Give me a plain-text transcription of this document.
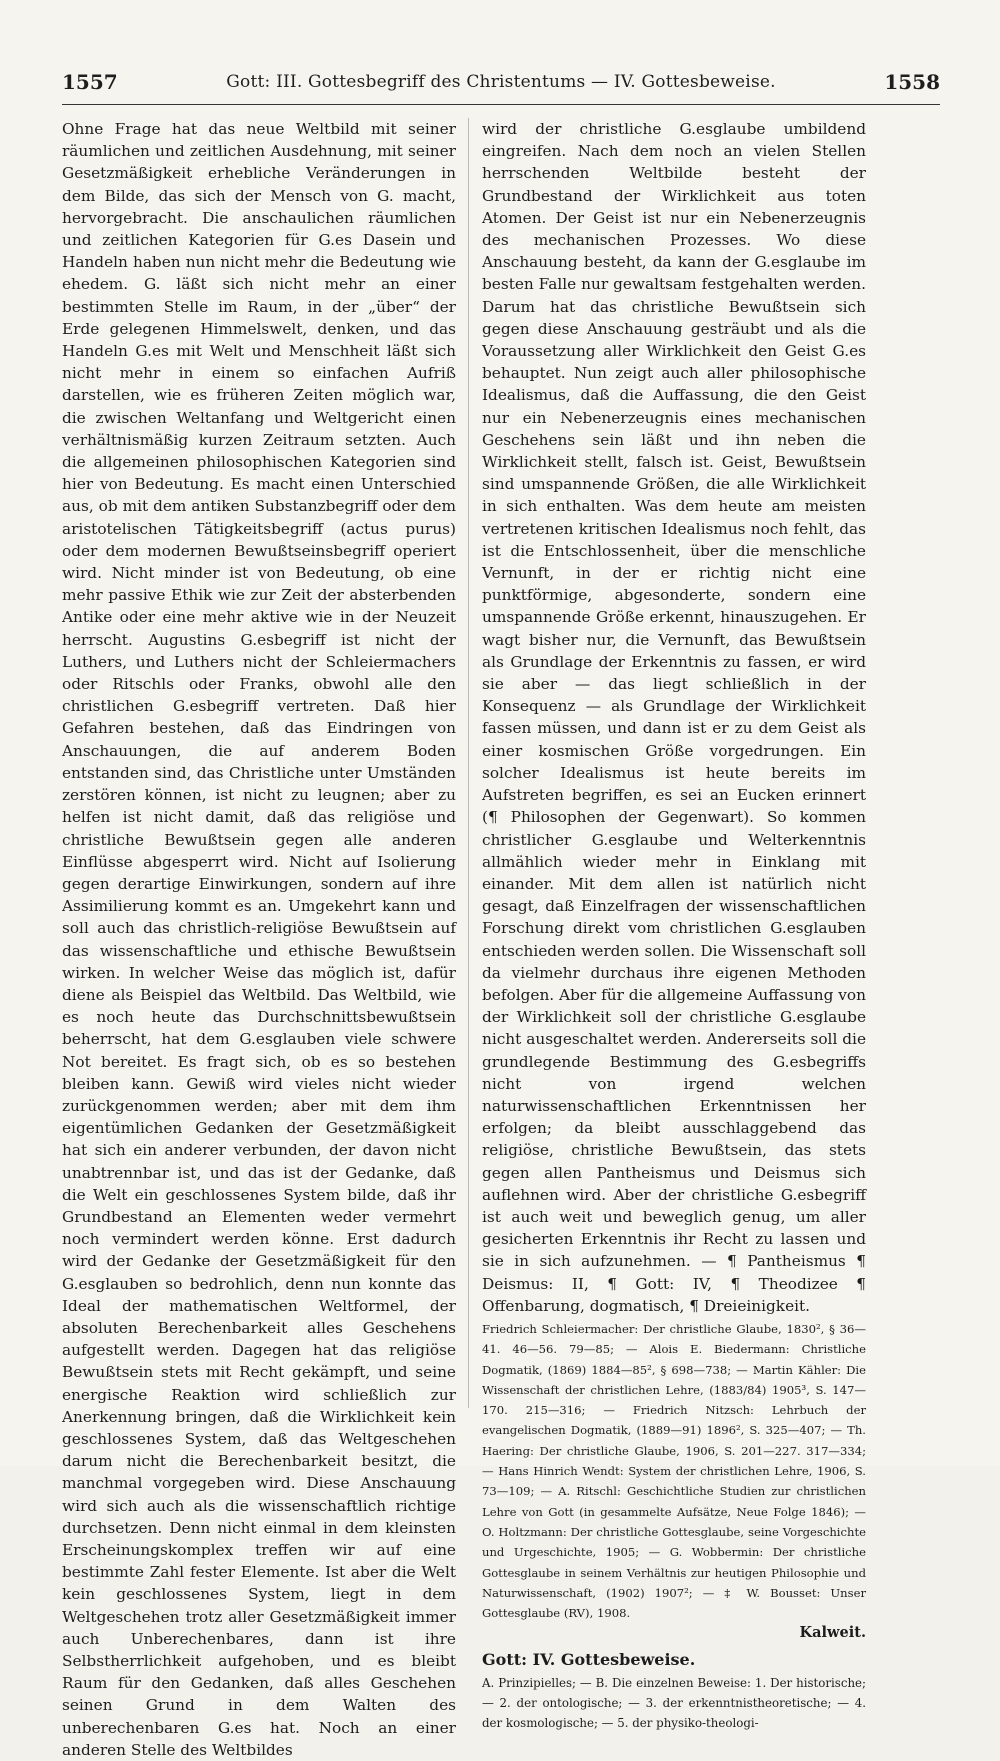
1557	Gott: III. Gottesbegriff des Christentums — IV. Gottesbeweise.	1558

Ohne Frage hat das neue Weltbild mit seiner räumlichen und zeitlichen Ausdehnung, mit seiner Gesetzmäßigkeit erhebliche Veränderungen in dem Bilde, das sich der Mensch von G. macht, hervorgebracht. Die anschaulichen räumlichen und zeitlichen Kategorien für G.es Dasein und Handeln haben nun nicht mehr die Bedeutung wie ehedem. G. läßt sich nicht mehr an einer bestimmten Stelle im Raum, in der „über“ der Erde gelegenen Himmelswelt, denken, und das Handeln G.es mit Welt und Menschheit läßt sich nicht mehr in einem so einfachen Aufriß darstellen, wie es früheren Zeiten möglich war, die zwischen Weltanfang und Weltgericht einen verhältnismäßig kurzen Zeitraum setzten. Auch die allgemeinen philosophischen Kategorien sind hier von Bedeutung. Es macht einen Unterschied aus, ob mit dem antiken Substanzbegriff oder dem aristotelischen Tätigkeitsbegriff (actus purus) oder dem modernen Bewußtseinsbegriff operiert wird. Nicht minder ist von Bedeutung, ob eine mehr passive Ethik wie zur Zeit der absterbenden Antike oder eine mehr aktive wie in der Neuzeit herrscht. Augustins G.esbegriff ist nicht der Luthers, und Luthers nicht der Schleiermachers oder Ritschls oder Franks, obwohl alle den christlichen G.esbegriff vertreten. Daß hier Gefahren bestehen, daß das Eindringen von Anschauungen, die auf anderem Boden entstanden sind, das Christliche unter Umständen zerstören können, ist nicht zu leugnen; aber zu helfen ist nicht damit, daß das religiöse und christliche Bewußtsein gegen alle anderen Einflüsse abgesperrt wird. Nicht auf Isolierung gegen derartige Einwirkungen, sondern auf ihre Assimilierung kommt es an. Umgekehrt kann und soll auch das christlich-religiöse Bewußtsein auf das wissenschaftliche und ethische Bewußtsein wirken. In welcher Weise das möglich ist, dafür diene als Beispiel das Weltbild. Das Weltbild, wie es noch heute das Durchschnittsbewußtsein beherrscht, hat dem G.esglauben viele schwere Not bereitet. Es fragt sich, ob es so bestehen bleiben kann. Gewiß wird vieles nicht wieder zurückgenommen werden; aber mit dem ihm eigentümlichen Gedanken der Gesetzmäßigkeit hat sich ein anderer verbunden, der davon nicht unabtrennbar ist, und das ist der Gedanke, daß die Welt ein geschlossenes System bilde, daß ihr Grundbestand an Elementen weder vermehrt noch vermindert werden könne. Erst dadurch wird der Gedanke der Gesetzmäßigkeit für den G.esglauben so bedrohlich, denn nun konnte das Ideal der mathematischen Weltformel, der absoluten Berechenbarkeit alles Geschehens aufgestellt werden. Dagegen hat das religiöse Bewußtsein stets mit Recht gekämpft, und seine energische Reaktion wird schließlich zur Anerkennung bringen, daß die Wirklichkeit kein geschlossenes System, daß das Weltgeschehen darum nicht die Berechenbarkeit besitzt, die manchmal vorgegeben wird. Diese Anschauung wird sich auch als die wissenschaftlich richtige durchsetzen. Denn nicht einmal in dem kleinsten Erscheinungskomplex treffen wir auf eine bestimmte Zahl fester Elemente. Ist aber die Welt kein geschlossenes System, liegt in dem Weltgeschehen trotz aller Gesetzmäßigkeit immer auch Unberechenbares, dann ist ihre Selbstherrlichkeit aufgehoben, und es bleibt Raum für den Gedanken, daß alles Geschehen seinen Grund in dem Walten des unberechenbaren G.es hat. Noch an einer anderen Stelle des Weltbildes

wird der christliche G.esglaube umbildend eingreifen. Nach dem noch an vielen Stellen herrschenden Weltbilde besteht der Grundbestand der Wirklichkeit aus toten Atomen. Der Geist ist nur ein Nebenerzeugnis des mechanischen Prozesses. Wo diese Anschauung besteht, da kann der G.esglaube im besten Falle nur gewaltsam festgehalten werden. Darum hat das christliche Bewußtsein sich gegen diese Anschauung gesträubt und als die Voraussetzung aller Wirklichkeit den Geist G.es behauptet. Nun zeigt auch aller philosophische Idealismus, daß die Auffassung, die den Geist nur ein Nebenerzeugnis eines mechanischen Geschehens sein läßt und ihn neben die Wirklichkeit stellt, falsch ist. Geist, Bewußtsein sind umspannende Größen, die alle Wirklichkeit in sich enthalten. Was dem heute am meisten vertretenen kritischen Idealismus noch fehlt, das ist die Entschlossenheit, über die menschliche Vernunft, in der er richtig nicht eine punktförmige, abgesonderte, sondern eine umspannende Größe erkennt, hinauszugehen. Er wagt bisher nur, die Vernunft, das Bewußtsein als Grundlage der Erkenntnis zu fassen, er wird sie aber — das liegt schließlich in der Konsequenz — als Grundlage der Wirklichkeit fassen müssen, und dann ist er zu dem Geist als einer kosmischen Größe vorgedrungen. Ein solcher Idealismus ist heute bereits im Aufstreten begriffen, es sei an Eucken erinnert (¶ Philosophen der Gegenwart). So kommen christlicher G.esglaube und Welterkenntnis allmählich wieder mehr in Einklang mit einander. Mit dem allen ist natürlich nicht gesagt, daß Einzelfragen der wissenschaftlichen Forschung direkt vom christlichen G.esglauben entschieden werden sollen. Die Wissenschaft soll da vielmehr durchaus ihre eigenen Methoden befolgen. Aber für die allgemeine Auffassung von der Wirklichkeit soll der christliche G.esglaube nicht ausgeschaltet werden. Andererseits soll die grundlegende Bestimmung des G.esbegriffs nicht von irgend welchen naturwissenschaftlichen Erkenntnissen her erfolgen; da bleibt ausschlaggebend das religiöse, christliche Bewußtsein, das stets gegen allen Pantheismus und Deismus sich auflehnen wird. Aber der christliche G.esbegriff ist auch weit und beweglich genug, um aller gesicherten Erkenntnis ihr Recht zu lassen und sie in sich aufzunehmen. — ¶ Pantheismus ¶ Deismus: II, ¶ Gott: IV, ¶ Theodizee ¶ Offenbarung, dogmatisch, ¶ Dreieinigkeit.

Friedrich Schleiermacher: Der christliche Glaube, 1830², § 36—41. 46—56. 79—85; — Alois E. Biedermann: Christliche Dogmatik, (1869) 1884—85², § 698—738; — Martin Kähler: Die Wissenschaft der christlichen Lehre, (1883/84) 1905³, S. 147—170. 215—316; — Friedrich Nitzsch: Lehrbuch der evangelischen Dogmatik, (1889—91) 1896², S. 325—407; — Th. Haering: Der christliche Glaube, 1906, S. 201—227. 317—334; — Hans Hinrich Wendt: System der christlichen Lehre, 1906, S. 73—109; — A. Ritschl: Geschichtliche Studien zur christlichen Lehre von Gott (in gesammelte Aufsätze, Neue Folge 1846); — O. Holtzmann: Der christliche Gottesglaube, seine Vorgeschichte und Urgeschichte, 1905; — G. Wobbermin: Der christliche Gottesglaube in seinem Verhältnis zur heutigen Philosophie und Naturwissenschaft, (1902) 1907²; — ‡ W. Bousset: Unser Gottesglaube (RV), 1908.

Kalweit.

Gott: IV. Gottesbeweise.

A. Prinzipielles; — B. Die einzelnen Beweise: 1. Der historische; — 2. der ontologische; — 3. der erkenntnistheoretische; — 4. der kosmologische; — 5. der physiko-theologi-
